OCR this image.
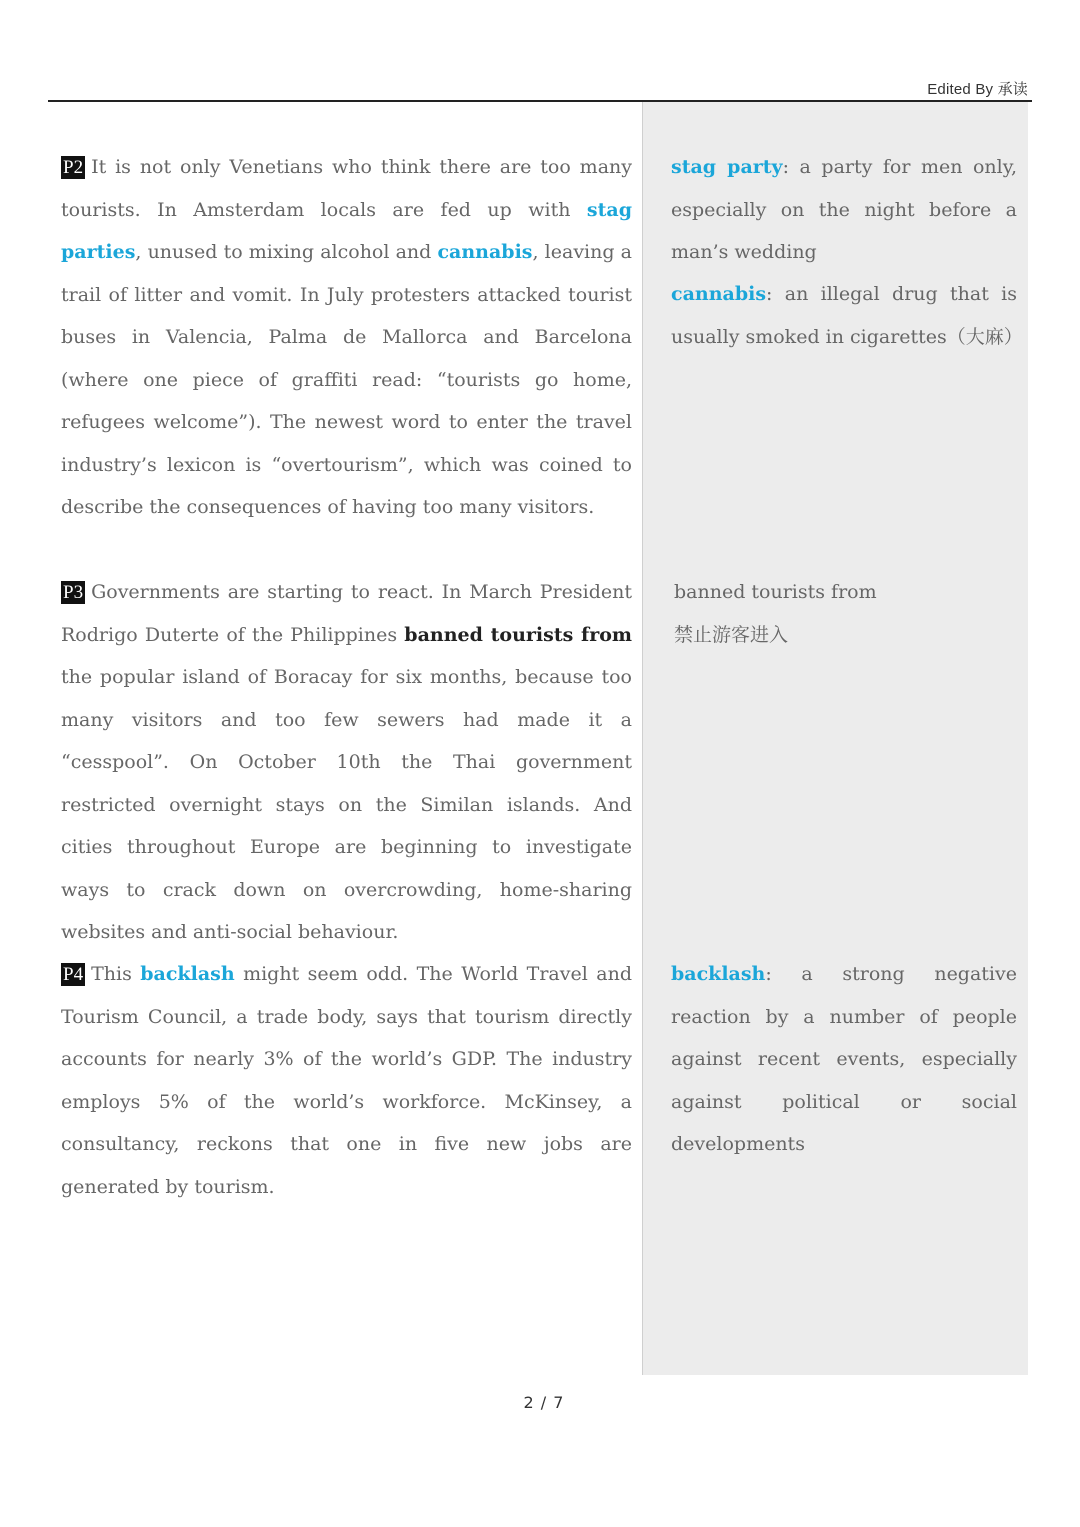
Edited By 承读
P2 It is not only Venetians who think there are too many tourists. In Amsterdam locals are fed up with stag parties, unused to mixing alcohol and cannabis, leaving a trail of litter and vomit. In July protesters attacked tourist buses in Valencia, Palma de Mallorca and Barcelona (where one piece of graffiti read: “tourists go home, refugees welcome”). The newest word to enter the travel industry’s lexicon is “overtourism”, which was coined to describe the consequences of having too many visitors.
P3 Governments are starting to react. In March President Rodrigo Duterte of the Philippines banned tourists from the popular island of Boracay for six months, because too many visitors and too few sewers had made it a “cesspool”. On October 10th the Thai government restricted overnight stays on the Similan islands. And cities throughout Europe are beginning to investigate ways to crack down on overcrowding, home-sharing websites and anti-social behaviour.
P4 This backlash might seem odd. The World Travel and Tourism Council, a trade body, says that tourism directly accounts for nearly 3% of the world’s GDP. The industry employs 5% of the world’s workforce. McKinsey, a consultancy, reckons that one in five new jobs are generated by tourism.
stag party: a party for men only, especially on the night before a man’s wedding
cannabis: an illegal drug that is usually smoked in cigarettes（大麻）
banned tourists from
禁止游客进入
backlash: a strong negative reaction by a number of people against recent events, especially against political or social developments
2 / 7
